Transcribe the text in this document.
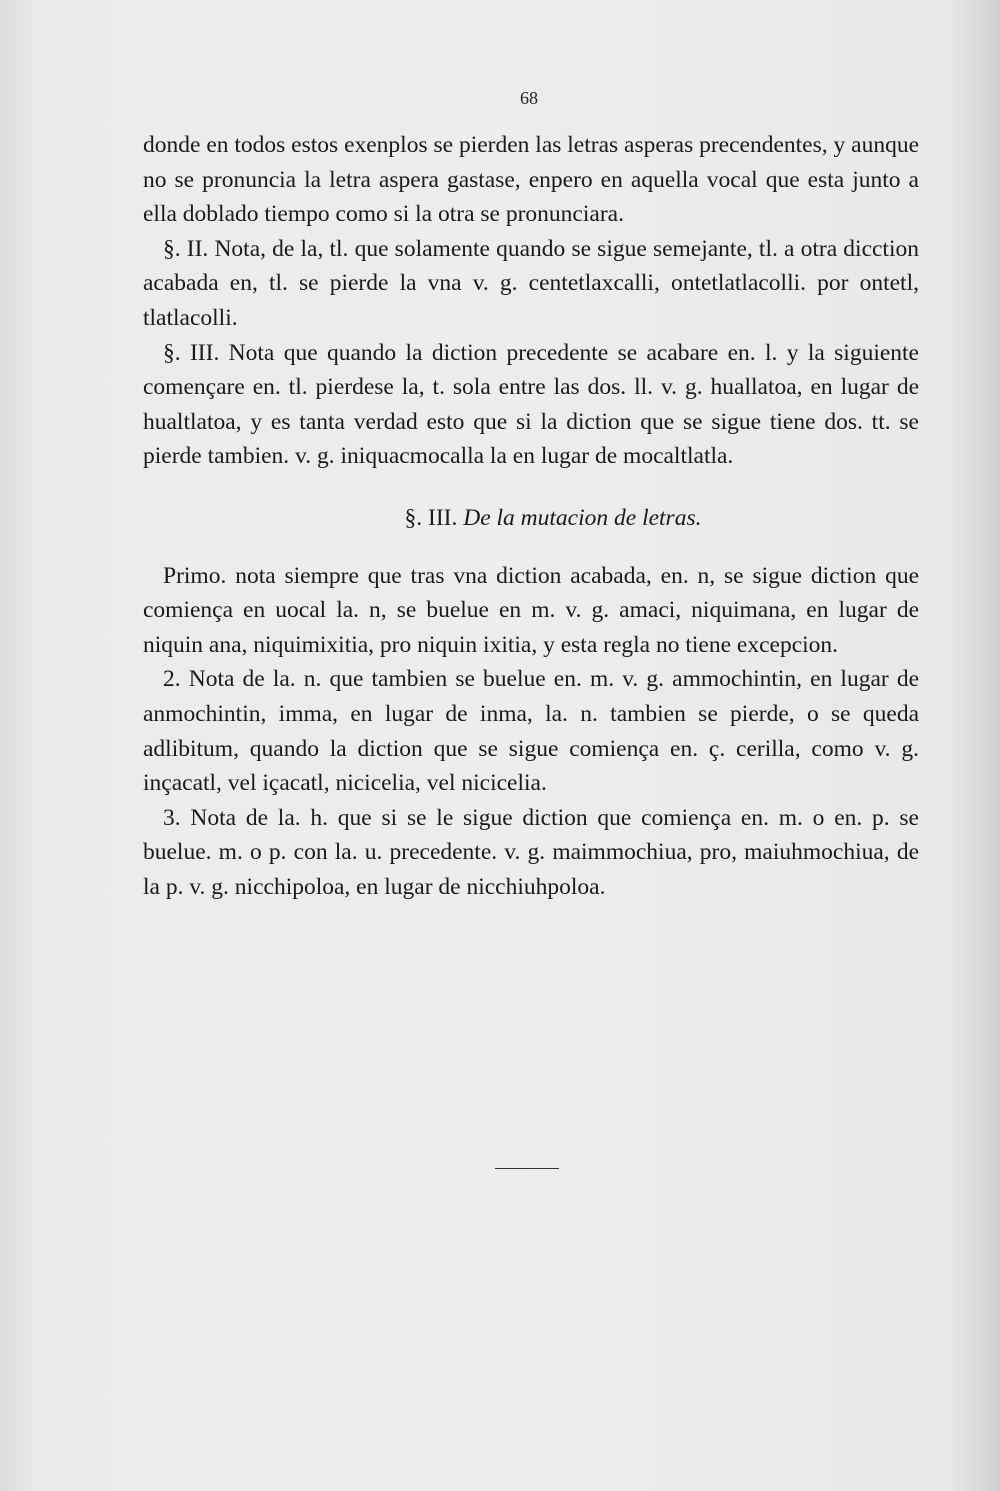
68

donde en todos estos exenplos se pierden las letras asperas precendentes, y aunque no se pronuncia la letra aspera gastase, enpero en aquella vocal que esta junto a ella doblado tiempo como si la otra se pronunciara.

§. II. Nota, de la, tl. que solamente quando se sigue semejante, tl. a otra dicction acabada en, tl. se pierde la vna v. g. centetlaxcalli, ontetlatlacolli. por ontetl, tlatlacolli.

§. III. Nota que quando la diction precedente se acabare en. l. y la siguiente començare en. tl. pierdese la, t. sola entre las dos. ll. v. g. huallatoa, en lugar de hualtlatoa, y es tanta verdad esto que si la diction que se sigue tiene dos. tt. se pierde tambien. v. g. iniquacmocalla la en lugar de mocaltlatla.

§. III. De la mutacion de letras.

Primo. nota siempre que tras vna diction acabada, en. n, se sigue diction que comiença en uocal la. n, se buelue en m. v. g. amaci, niquimana, en lugar de niquin ana, niquimixitia, pro niquin ixitia, y esta regla no tiene excepcion.

2. Nota de la. n. que tambien se buelue en. m. v. g. ammochintin, en lugar de anmochintin, imma, en lugar de inma, la. n. tambien se pierde, o se queda adlibitum, quando la diction que se sigue comiença en. ç. cerilla, como v. g. inçacatl, vel içacatl, nicicelia, vel nicicelia.

3. Nota de la. h. que si se le sigue diction que comiença en. m. o en. p. se buelue. m. o p. con la. u. precedente. v. g. maimmochiua, pro, maiuhmochiua, de la p. v. g. nicchipoloa, en lugar de nicchiuhpoloa.
